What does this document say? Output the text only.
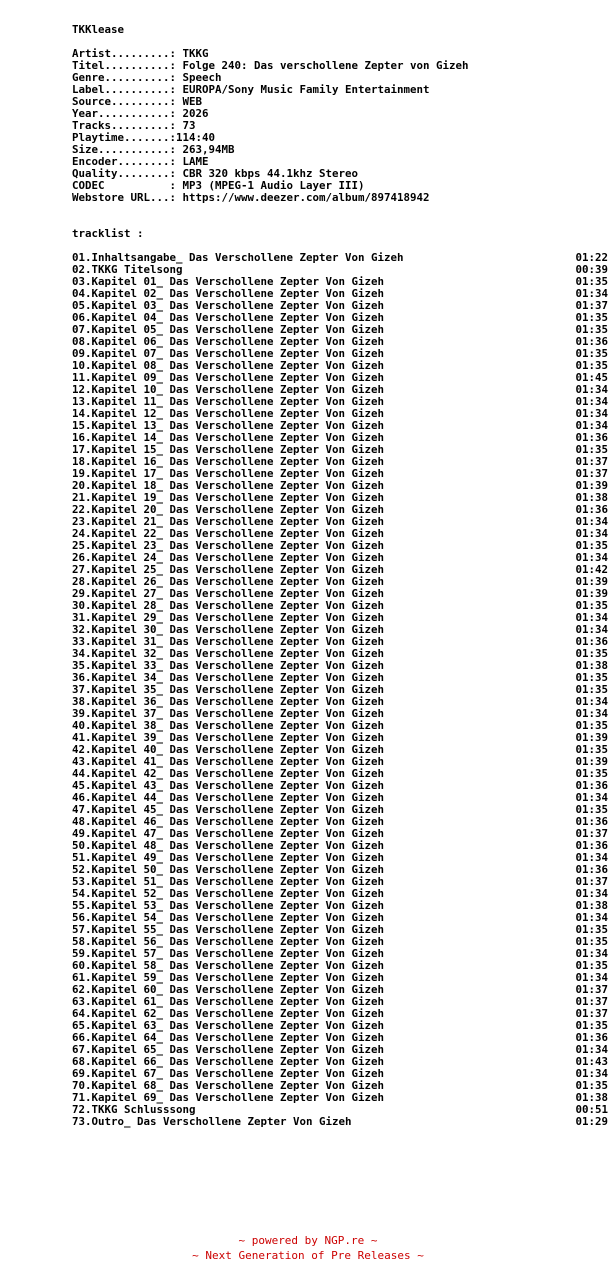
TKKlease
Artist.........: TKKG
Titel..........: Folge 240: Das verschollene Zepter von Gizeh
Genre..........: Speech
Label..........: EUROPA/Sony Music Family Entertainment
Source.........: WEB
Year...........: 2026
Tracks.........: 73
Playtime.......: 114:40
Size...........: 263,94MB
Encoder........: LAME
Quality........: CBR 320 kbps 44.1khz Stereo
CODEC          : MP3 (MPEG-1 Audio Layer III)
Webstore URL...: https://www.deezer.com/album/897418942
tracklist :
01.Inhaltsangabe_ Das Verschollene Zepter Von Gizeh	01:22
02.TKKG Titelsong	00:39
03.Kapitel 01_ Das Verschollene Zepter Von Gizeh	01:35
04.Kapitel 02_ Das Verschollene Zepter Von Gizeh	01:34
05.Kapitel 03_ Das Verschollene Zepter Von Gizeh	01:37
06.Kapitel 04_ Das Verschollene Zepter Von Gizeh	01:35
07.Kapitel 05_ Das Verschollene Zepter Von Gizeh	01:35
08.Kapitel 06_ Das Verschollene Zepter Von Gizeh	01:36
09.Kapitel 07_ Das Verschollene Zepter Von Gizeh	01:35
10.Kapitel 08_ Das Verschollene Zepter Von Gizeh	01:35
11.Kapitel 09_ Das Verschollene Zepter Von Gizeh	01:45
12.Kapitel 10_ Das Verschollene Zepter Von Gizeh	01:34
13.Kapitel 11_ Das Verschollene Zepter Von Gizeh	01:34
14.Kapitel 12_ Das Verschollene Zepter Von Gizeh	01:34
15.Kapitel 13_ Das Verschollene Zepter Von Gizeh	01:34
16.Kapitel 14_ Das Verschollene Zepter Von Gizeh	01:36
17.Kapitel 15_ Das Verschollene Zepter Von Gizeh	01:35
18.Kapitel 16_ Das Verschollene Zepter Von Gizeh	01:37
19.Kapitel 17_ Das Verschollene Zepter Von Gizeh	01:37
20.Kapitel 18_ Das Verschollene Zepter Von Gizeh	01:39
21.Kapitel 19_ Das Verschollene Zepter Von Gizeh	01:38
22.Kapitel 20_ Das Verschollene Zepter Von Gizeh	01:36
23.Kapitel 21_ Das Verschollene Zepter Von Gizeh	01:34
24.Kapitel 22_ Das Verschollene Zepter Von Gizeh	01:34
25.Kapitel 23_ Das Verschollene Zepter Von Gizeh	01:35
26.Kapitel 24_ Das Verschollene Zepter Von Gizeh	01:34
27.Kapitel 25_ Das Verschollene Zepter Von Gizeh	01:42
28.Kapitel 26_ Das Verschollene Zepter Von Gizeh	01:39
29.Kapitel 27_ Das Verschollene Zepter Von Gizeh	01:39
30.Kapitel 28_ Das Verschollene Zepter Von Gizeh	01:35
31.Kapitel 29_ Das Verschollene Zepter Von Gizeh	01:34
32.Kapitel 30_ Das Verschollene Zepter Von Gizeh	01:34
33.Kapitel 31_ Das Verschollene Zepter Von Gizeh	01:36
34.Kapitel 32_ Das Verschollene Zepter Von Gizeh	01:35
35.Kapitel 33_ Das Verschollene Zepter Von Gizeh	01:38
36.Kapitel 34_ Das Verschollene Zepter Von Gizeh	01:35
37.Kapitel 35_ Das Verschollene Zepter Von Gizeh	01:35
38.Kapitel 36_ Das Verschollene Zepter Von Gizeh	01:34
39.Kapitel 37_ Das Verschollene Zepter Von Gizeh	01:34
40.Kapitel 38_ Das Verschollene Zepter Von Gizeh	01:35
41.Kapitel 39_ Das Verschollene Zepter Von Gizeh	01:39
42.Kapitel 40_ Das Verschollene Zepter Von Gizeh	01:35
43.Kapitel 41_ Das Verschollene Zepter Von Gizeh	01:39
44.Kapitel 42_ Das Verschollene Zepter Von Gizeh	01:35
45.Kapitel 43_ Das Verschollene Zepter Von Gizeh	01:36
46.Kapitel 44_ Das Verschollene Zepter Von Gizeh	01:34
47.Kapitel 45_ Das Verschollene Zepter Von Gizeh	01:35
48.Kapitel 46_ Das Verschollene Zepter Von Gizeh	01:36
49.Kapitel 47_ Das Verschollene Zepter Von Gizeh	01:37
50.Kapitel 48_ Das Verschollene Zepter Von Gizeh	01:36
51.Kapitel 49_ Das Verschollene Zepter Von Gizeh	01:34
52.Kapitel 50_ Das Verschollene Zepter Von Gizeh	01:36
53.Kapitel 51_ Das Verschollene Zepter Von Gizeh	01:37
54.Kapitel 52_ Das Verschollene Zepter Von Gizeh	01:34
55.Kapitel 53_ Das Verschollene Zepter Von Gizeh	01:38
56.Kapitel 54_ Das Verschollene Zepter Von Gizeh	01:34
57.Kapitel 55_ Das Verschollene Zepter Von Gizeh	01:35
58.Kapitel 56_ Das Verschollene Zepter Von Gizeh	01:35
59.Kapitel 57_ Das Verschollene Zepter Von Gizeh	01:34
60.Kapitel 58_ Das Verschollene Zepter Von Gizeh	01:35
61.Kapitel 59_ Das Verschollene Zepter Von Gizeh	01:34
62.Kapitel 60_ Das Verschollene Zepter Von Gizeh	01:37
63.Kapitel 61_ Das Verschollene Zepter Von Gizeh	01:37
64.Kapitel 62_ Das Verschollene Zepter Von Gizeh	01:37
65.Kapitel 63_ Das Verschollene Zepter Von Gizeh	01:35
66.Kapitel 64_ Das Verschollene Zepter Von Gizeh	01:36
67.Kapitel 65_ Das Verschollene Zepter Von Gizeh	01:34
68.Kapitel 66_ Das Verschollene Zepter Von Gizeh	01:43
69.Kapitel 67_ Das Verschollene Zepter Von Gizeh	01:34
70.Kapitel 68_ Das Verschollene Zepter Von Gizeh	01:35
71.Kapitel 69_ Das Verschollene Zepter Von Gizeh	01:38
72.TKKG Schlusssong	00:51
73.Outro_ Das Verschollene Zepter Von Gizeh	01:29
~ powered by NGP.re ~
~ Next Generation of Pre Releases ~
